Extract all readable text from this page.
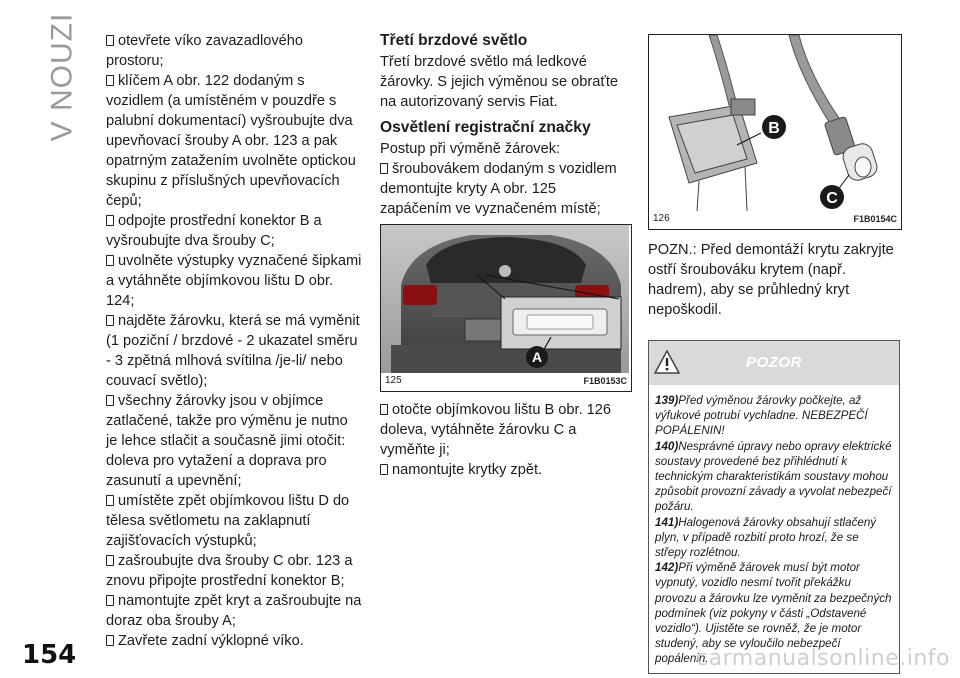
V NOUZI	otevřete víko zavazadlového prostoru;

klíčem A obr. 122 dodaným s vozidlem (a umístěném v pouzdře s palubní dokumentací) vyšroubujte dva upevňovací šrouby A obr. 123 a pak opatrným zatažením uvolněte optickou skupinu z příslušných upevňovacích čepů;

odpojte prostřední konektor B a vyšroubujte dva šrouby C;

uvolněte výstupky vyznačené šipkami a vytáhněte objímkovou lištu D obr. 124;

najděte žárovku, která se má vyměnit (1 poziční / brzdové - 2 ukazatel směru - 3 zpětná mlhová svítilna /je-li/ nebo couvací světlo);

všechny žárovky jsou v objímce zatlačené, takže pro výměnu je nutno je lehce stlačit a současně jimi otočit: doleva pro vytažení a doprava pro zasunutí a upevnění;

umístěte zpět objímkovou lištu D do tělesa světlometu na zaklapnutí zajišťovacích výstupků;

zašroubujte dva šrouby C obr. 123 a znovu připojte prostřední konektor B;

namontujte zpět kryt a zašroubujte na doraz oba šrouby A;

Zavřete zadní výklopné víko.

Třetí brzdové světlo

Třetí brzdové světlo má ledkové žárovky. S jejich výměnou se obraťte na autorizovaný servis Fiat.

Osvětlení registrační značky

Postup při výměně žárovek:

šroubovákem dodaným s vozidlem demontujte kryty A obr. 125 zapáčením ve vyznačeném místě;

A
125	F1B0153C

otočte objímkovou lištu B obr. 126 doleva, vytáhněte žárovku C a vyměňte ji;

namontujte krytky zpět.

B
C
126	F1B0154C

POZN.: Před demontáží krytu zakryjte ostří šroubováku krytem (např. hadrem), aby se průhledný kryt nepoškodil.

POZOR

139)Před výměnou žárovky počkejte, až výfukové potrubí vychladne. NEBEZPEČÍ POPÁLENIN!

140)Nesprávné úpravy nebo opravy elektrické soustavy provedené bez přihlédnutí k technickým charakteristikám soustavy mohou způsobit provozní závady a vyvolat nebezpečí požáru.

141)Halogenová žárovky obsahují stlačený plyn, v případě rozbití proto hrozí, že se střepy rozlétnou.

142)Při výměně žárovek musí být motor vypnutý, vozidlo nesmí tvořit překážku provozu a žárovku lze vyměnit za bezpečných podmínek (viz pokyny v části „Odstavené vozidlo“). Ujistěte se rovněž, že je motor studený, aby se vyloučilo nebezpečí popálenin.

154	carmanualsonline.info
